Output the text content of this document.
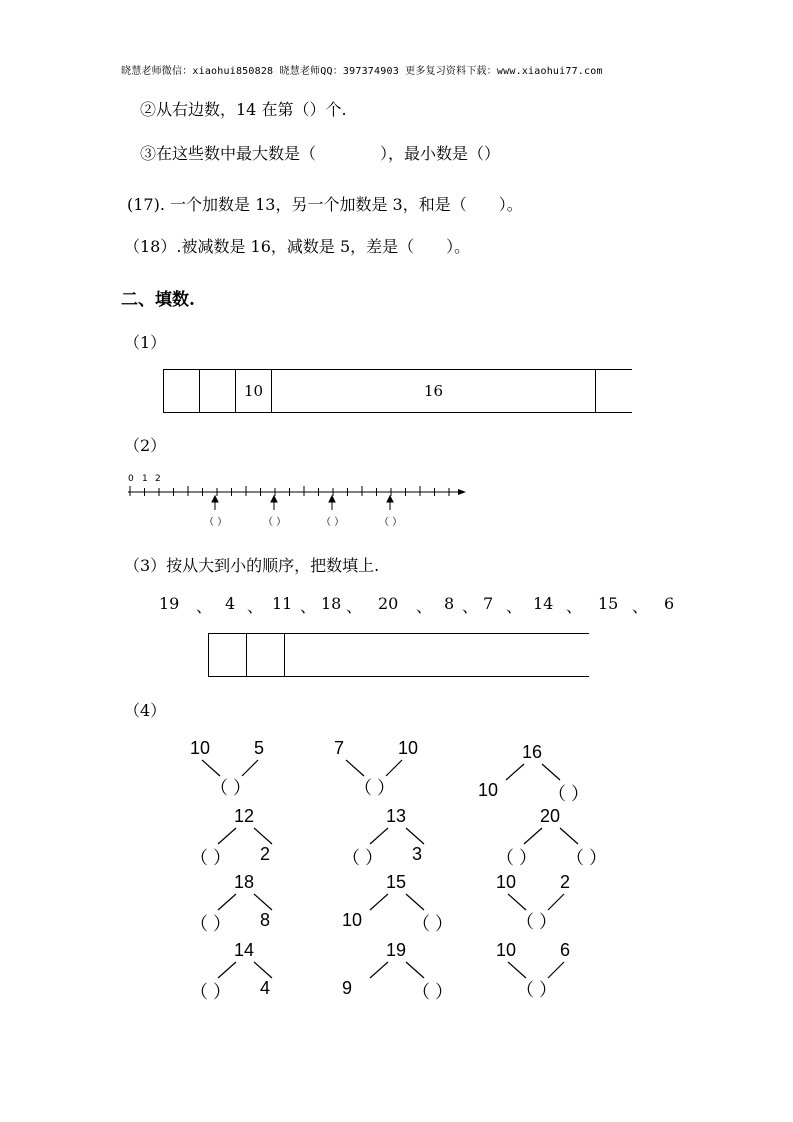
晓慧老师微信：xiaohui850828 晓慧老师QQ：397374903 更多复习资料下载：www.xiaohui77.com
②从右边数，14 在第（）个.
③在这些数中最大数是（　　　　），最小数是（）
(17). 一个加数是 13，另一个加数是 3，和是（　　）。
（18）.被减数是 16，减数是 5，差是（　　）。
二、填数.
（1）
10	16
（2）
0 1 2
（ ）	（ ）	（ ）	（ ）
（3）按从大到小的顺序，把数填上.
19 、 4 、 11 、 18 、 20 、 8 、 7 、 14 、 15 、 6
（4）
10 5
（ ）
7	10
（ ）
16
10	（ ）
12
（ ） 2
13
（ ） 3
20
（ ） （ ）
18
（ ） 8
15
10	（ ）
10 2
（ ）
14
（ ） 4
19
9	（ ）
10 6
（ ）
